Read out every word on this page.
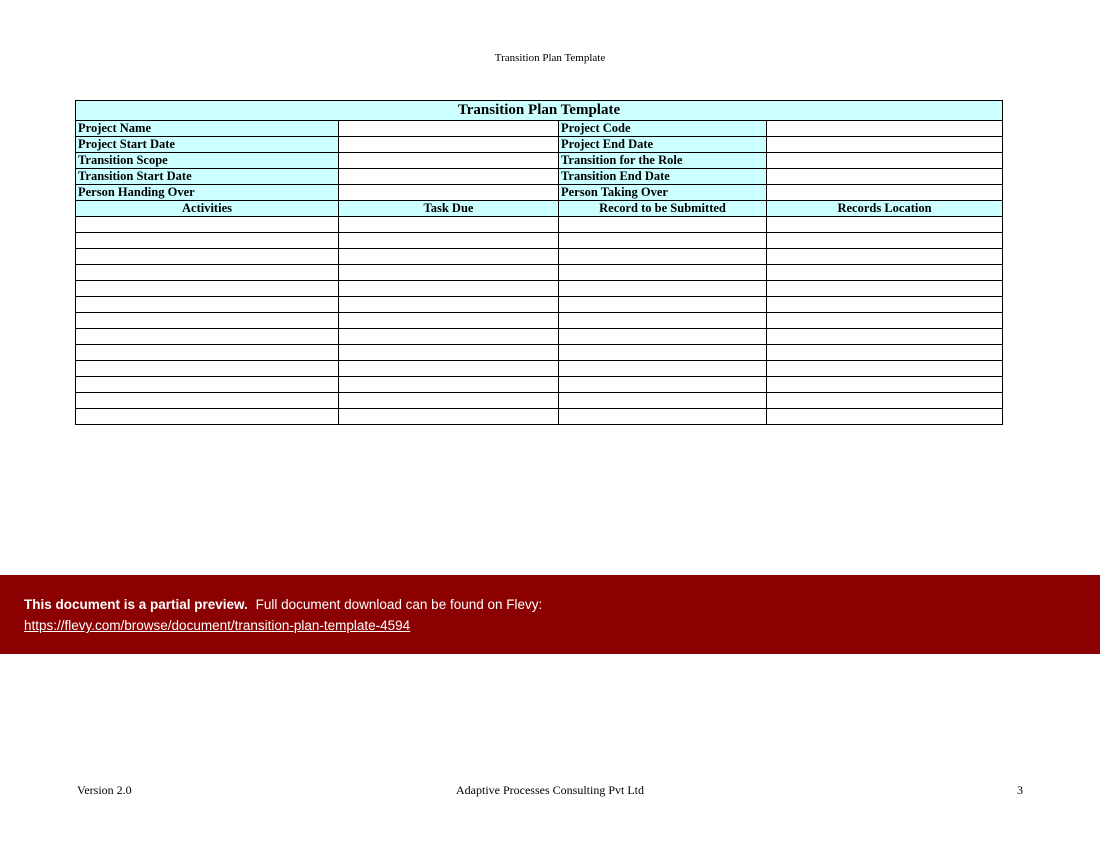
Transition Plan Template
Transition Plan Template			
Project Name		Project Code	
Project Start Date		Project End Date	
Transition Scope		Transition for the Role	
Transition Start Date		Transition End Date	
Person Handing Over		Person Taking Over	
Activities	Task Due	Record to be Submitted	Records Location

This document is a partial preview. Full document download can be found on Flevy:
https://flevy.com/browse/document/transition-plan-template-4594
Version 2.0	Adaptive Processes Consulting Pvt Ltd	3
